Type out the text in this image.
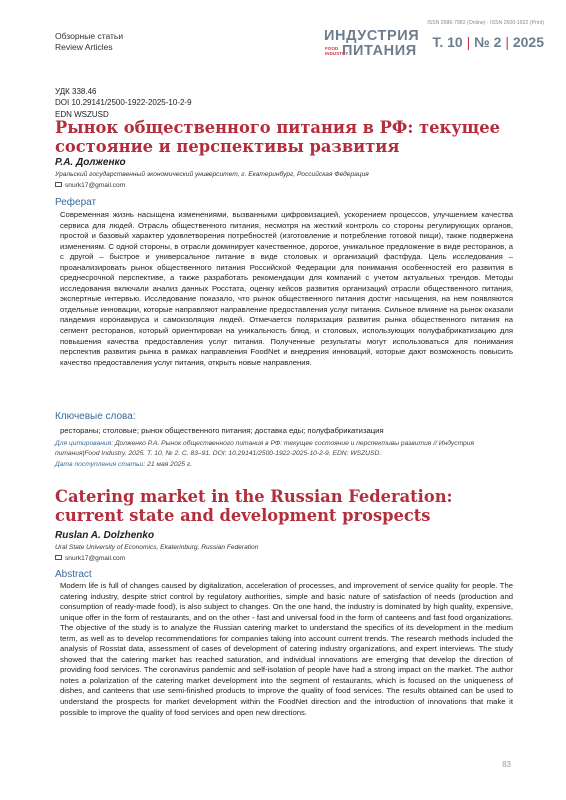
Обзорные статьи
Review Articles
ISSN 2686-7982 (Online) · ISSN 2500-1922 (Print)
ИНДУСТРИЯ
FOOD
INDUSTRY
ПИТАНИЯ
Т. 10 | № 2 | 2025
УДК 338.46
DOI 10.29141/2500-1922-2025-10-2-9
EDN WSZUSD
Рынок общественного питания в РФ: текущее состояние и перспективы развития
Р.А. Долженко
Уральский государственный экономический университет, г. Екатеринбург, Российская Федерация
snurk17@gmail.com
Реферат

Современная жизнь насыщена изменениями, вызванными цифровизацией, ускорением процессов, улучшением качества сервиса для людей. Отрасль общественного питания, несмотря на жесткий контроль со стороны регулирующих органов, простой и базовый характер удовлетворения потребностей (изготовление и потребление готовой пищи), также подвержена изменениям. С одной стороны, в отрасли доминирует качественное, дорогое, уникальное предложение в виде ресторанов, а с другой – быстрое и универсальное питание в виде столовых и организаций фастфуда. Цель исследования – проанализировать рынок общественного питания Российской Федерации для понимания особенностей его развития в среднесрочной перспективе, а также разработать рекомендации для компаний с учетом актуальных трендов. Методы исследования включали анализ данных Росстата, оценку кейсов развития организаций отрасли общественного питания, экспертные интервью. Исследование показало, что рынок общественного питания достиг насыщения, на нем появляются отдельные инновации, которые направляют направление предоставления услуг питания. Сильное влияние на рынок оказали пандемия коронавируса и самоизоляция людей. Отмечается поляризация развития рынка общественного питания на сегмент ресторанов, который ориентирован на уникальность блюд, и столовых, использующих полуфабрикатизацию для повышения качества предоставления услуг питания. Полученные результаты могут использоваться для понимания перспектив развития рынка в рамках направления FoodNet и внедрения инноваций, которые дают возможность повысить качество предоставления услуг питания, открыть новые направления.

Ключевые слова:
рестораны; столовые; рынок общественного питания; доставка еды; полуфабрикатизация

Для цитирования: Долженко Р.А. Рынок общественного питания в РФ: текущее состояние и перспективы развития // Индустрия питания|Food Industry. 2025. Т. 10, № 2. С. 83–91. DOI: 10.29141/2500-1922-2025-10-2-9. EDN: WSZUSD.

Дата поступления статьи: 21 мая 2025 г.
Catering market in the Russian Federation: current state and development prospects
Ruslan A. Dolzhenko
Ural State University of Economics, Ekaterinburg, Russian Federation
snurk17@gmail.com
Abstract

Modern life is full of changes caused by digitalization, acceleration of processes, and improvement of service quality for people. The catering industry, despite strict control by regulatory authorities, simple and basic nature of satisfaction of needs (production and consumption of ready-made food), is also subject to changes. On the one hand, the industry is dominated by high quality, expensive, unique offer in the form of restaurants, and on the other - fast and universal food in the form of canteens and fast food organizations. The objective of the study is to analyze the Russian catering market to understand the specifics of its development in the medium term, as well as to develop recommendations for companies taking into account current trends. The research methods included the analysis of Rosstat data, assessment of cases of development of catering industry organizations, and expert interviews. The study showed that the catering market has reached saturation, and individual innovations are emerging that develop the direction of providing food services. The coronavirus pandemic and self-isolation of people have had a strong impact on the market. The author notes a polarization of the catering market development into the segment of restaurants, which is focused on the uniqueness of dishes, and canteens that use semi-finished products to improve the quality of food services. The results obtained can be used to understand the prospects for market development within the FoodNet direction and the introduction of innovations that make it possible to improve the quality of food services and open new directions.

83
